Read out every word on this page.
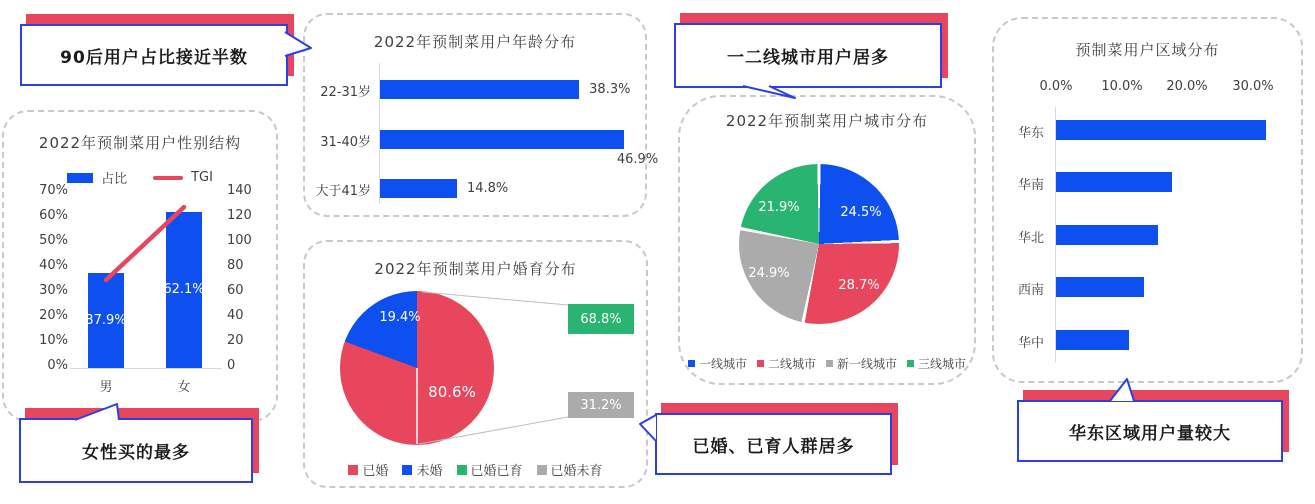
2022年预制菜用户性别结构
占比	TGI
70%
60%
50%
40%
30%
20%
10%
0%
140
120
100
80
60
40
20
0
37.9%
62.1%
男	女
2022年预制菜用户年龄分布
22-31岁
31-40岁
大于41岁
38.3%
46.9%
14.8%
2022年预制菜用户婚育分布
80.6%
19.4%	68.8%
31.2%
已婚 未婚 已婚已育 已婚未育
2022年预制菜用户城市分布
24.5%
28.7%
24.9%
21.9%
一线城市 二线城市 新一线城市 三线城市
预制菜用户区域分布
0.0% 10.0% 20.0% 30.0%
华东
华南
华北
西南
华中
90后用户占比接近半数	一二线城市用户居多
女性买的最多	已婚、已育人群居多
华东区域用户量较大
